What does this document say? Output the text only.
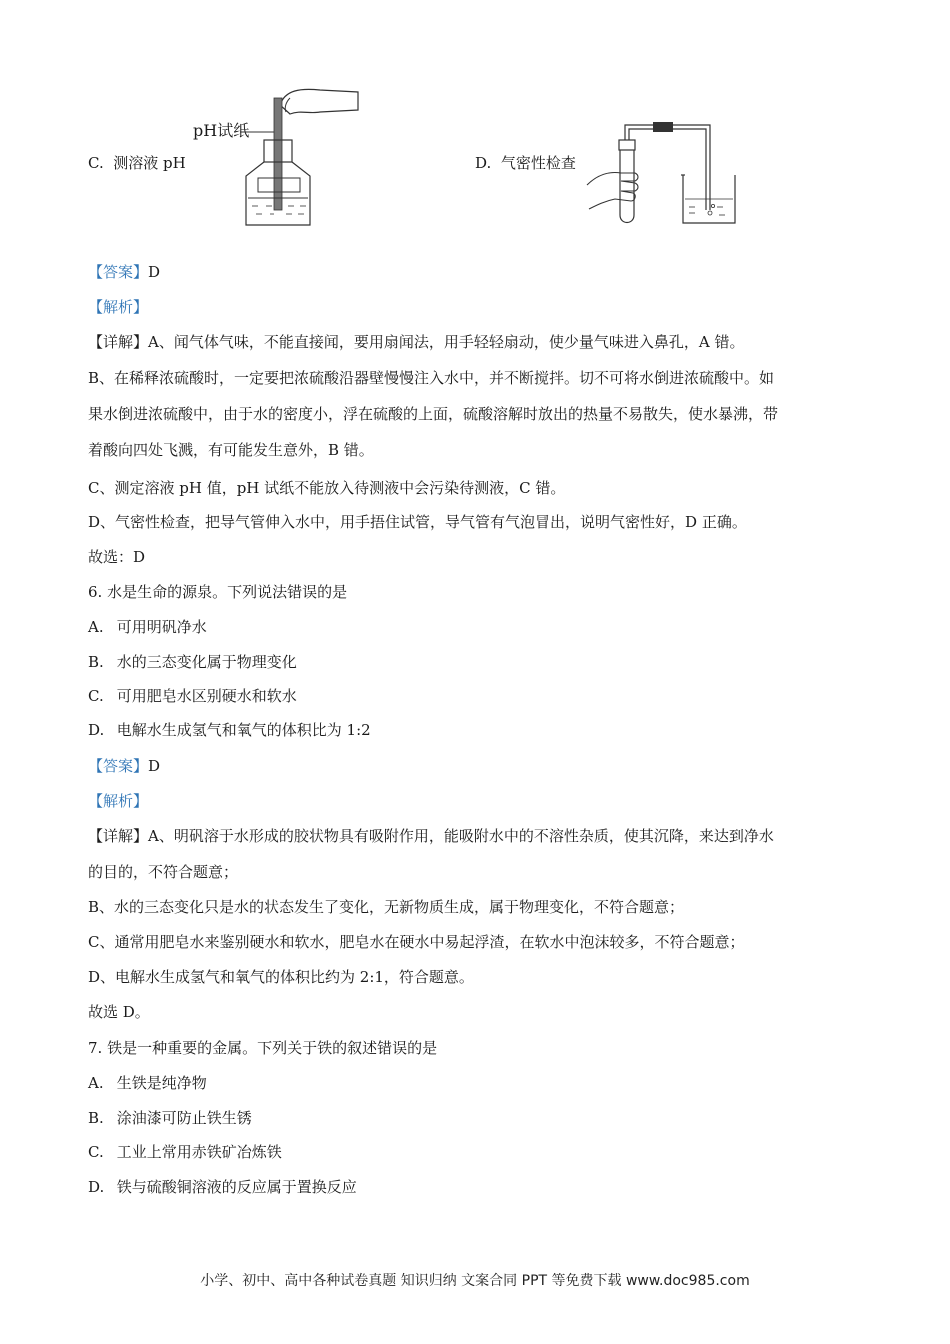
C. 测溶液 pH
pH试纸
D. 气密性检查
【答案】D
【解析】
【详解】A、闻气体气味，不能直接闻，要用扇闻法，用手轻轻扇动，使少量气味进入鼻孔，A 错。
B、在稀释浓硫酸时，一定要把浓硫酸沿器壁慢慢注入水中，并不断搅拌。切不可将水倒进浓硫酸中。如
果水倒进浓硫酸中，由于水的密度小，浮在硫酸的上面，硫酸溶解时放出的热量不易散失，使水暴沸，带
着酸向四处飞溅，有可能发生意外，B 错。
C、测定溶液 pH 值，pH 试纸不能放入待测液中会污染待测液，C 错。
D、气密性检查，把导气管伸入水中，用手捂住试管，导气管有气泡冒出，说明气密性好，D 正确。
故选：D
6. 水是生命的源泉。下列说法错误的是
A. 可用明矾净水
B. 水的三态变化属于物理变化
C. 可用肥皂水区别硬水和软水
D. 电解水生成氢气和氧气的体积比为 1:2
【答案】D
【解析】
【详解】A、明矾溶于水形成的胶状物具有吸附作用，能吸附水中的不溶性杂质，使其沉降，来达到净水
的目的，不符合题意；
B、水的三态变化只是水的状态发生了变化，无新物质生成，属于物理变化，不符合题意；
C、通常用肥皂水来鉴别硬水和软水，肥皂水在硬水中易起浮渣，在软水中泡沫较多，不符合题意；
D、电解水生成氢气和氧气的体积比约为 2:1，符合题意。
故选 D。
7. 铁是一种重要的金属。下列关于铁的叙述错误的是
A. 生铁是纯净物
B. 涂油漆可防止铁生锈
C. 工业上常用赤铁矿冶炼铁
D. 铁与硫酸铜溶液的反应属于置换反应
小学、初中、高中各种试卷真题 知识归纳 文案合同 PPT 等免费下载 www.doc985.com
